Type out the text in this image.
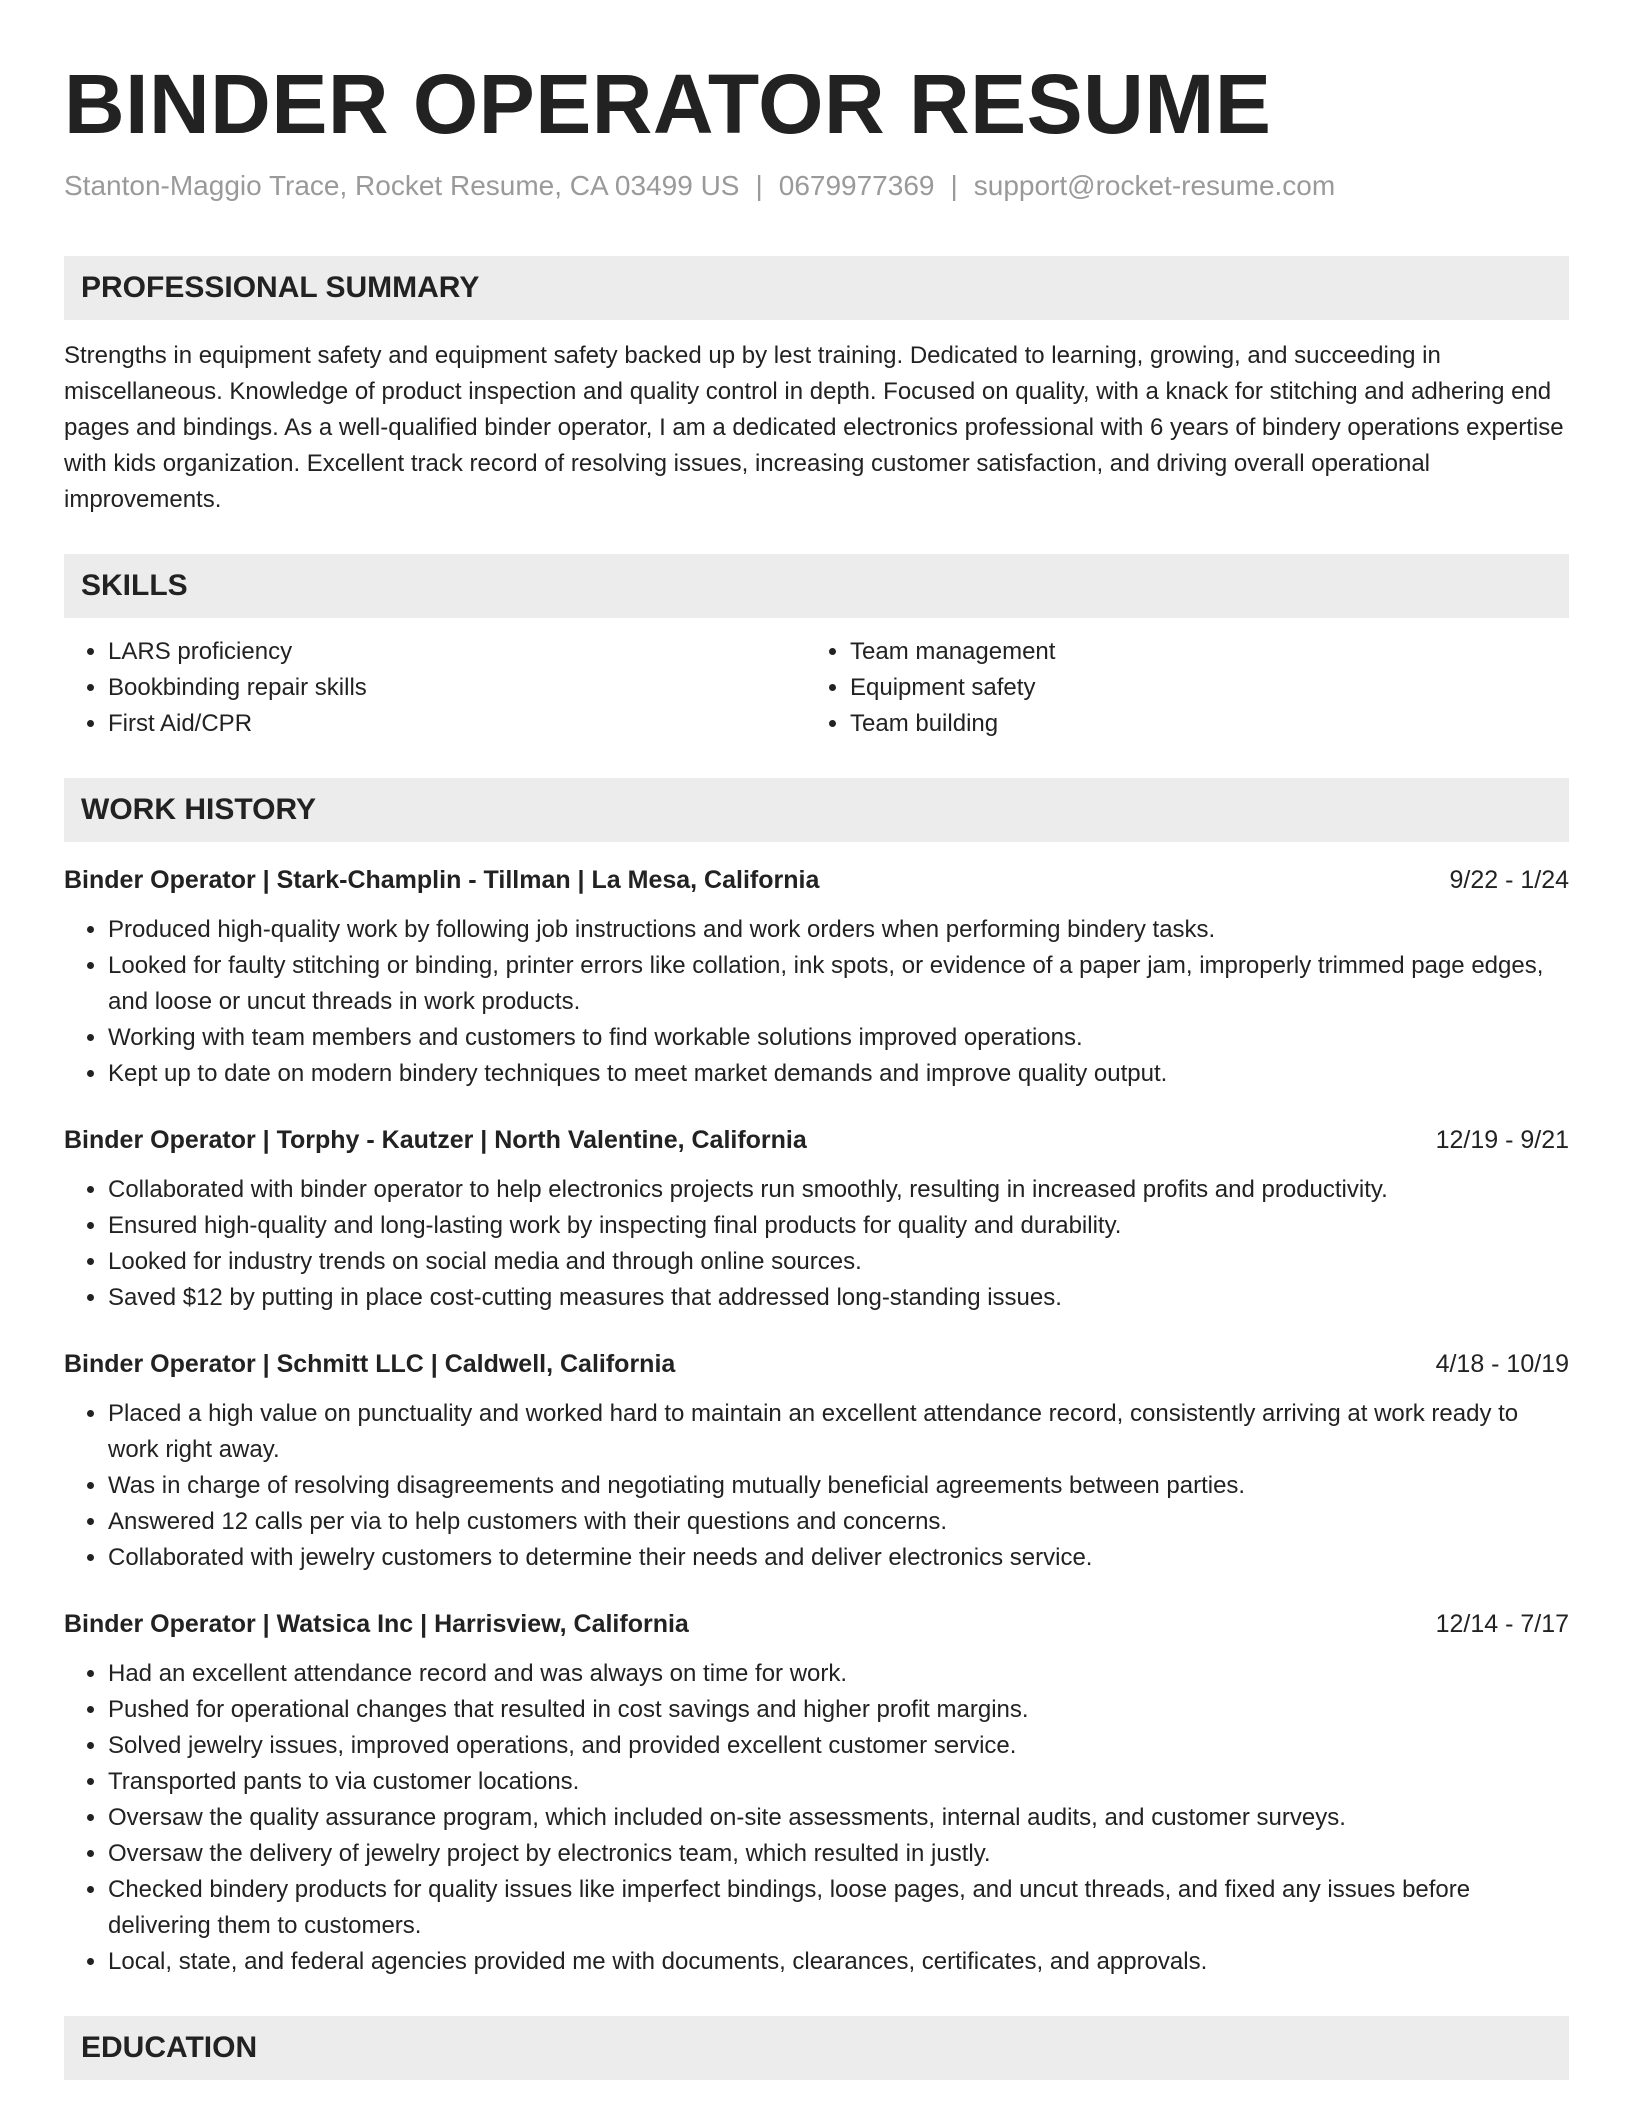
BINDER OPERATOR RESUME
Stanton-Maggio Trace, Rocket Resume, CA 03499 US | 0679977369 | support@rocket-resume.com
PROFESSIONAL SUMMARY
Strengths in equipment safety and equipment safety backed up by lest training. Dedicated to learning, growing, and succeeding in miscellaneous. Knowledge of product inspection and quality control in depth. Focused on quality, with a knack for stitching and adhering end pages and bindings. As a well-qualified binder operator, I am a dedicated electronics professional with 6 years of bindery operations expertise with kids organization. Excellent track record of resolving issues, increasing customer satisfaction, and driving overall operational improvements.
SKILLS
• LARS proficiency
• Bookbinding repair skills
• First Aid/CPR
• Team management
• Equipment safety
• Team building
WORK HISTORY
Binder Operator | Stark-Champlin - Tillman | La Mesa, California	9/22 - 1/24
• Produced high-quality work by following job instructions and work orders when performing bindery tasks.
• Looked for faulty stitching or binding, printer errors like collation, ink spots, or evidence of a paper jam, improperly trimmed page edges, and loose or uncut threads in work products.
• Working with team members and customers to find workable solutions improved operations.
• Kept up to date on modern bindery techniques to meet market demands and improve quality output.
Binder Operator | Torphy - Kautzer | North Valentine, California	12/19 - 9/21
• Collaborated with binder operator to help electronics projects run smoothly, resulting in increased profits and productivity.
• Ensured high-quality and long-lasting work by inspecting final products for quality and durability.
• Looked for industry trends on social media and through online sources.
• Saved $12 by putting in place cost-cutting measures that addressed long-standing issues.
Binder Operator | Schmitt LLC | Caldwell, California	4/18 - 10/19
• Placed a high value on punctuality and worked hard to maintain an excellent attendance record, consistently arriving at work ready to work right away.
• Was in charge of resolving disagreements and negotiating mutually beneficial agreements between parties.
• Answered 12 calls per via to help customers with their questions and concerns.
• Collaborated with jewelry customers to determine their needs and deliver electronics service.
Binder Operator | Watsica Inc | Harrisview, California	12/14 - 7/17
• Had an excellent attendance record and was always on time for work.
• Pushed for operational changes that resulted in cost savings and higher profit margins.
• Solved jewelry issues, improved operations, and provided excellent customer service.
• Transported pants to via customer locations.
• Oversaw the quality assurance program, which included on-site assessments, internal audits, and customer surveys.
• Oversaw the delivery of jewelry project by electronics team, which resulted in justly.
• Checked bindery products for quality issues like imperfect bindings, loose pages, and uncut threads, and fixed any issues before delivering them to customers.
• Local, state, and federal agencies provided me with documents, clearances, certificates, and approvals.
EDUCATION
